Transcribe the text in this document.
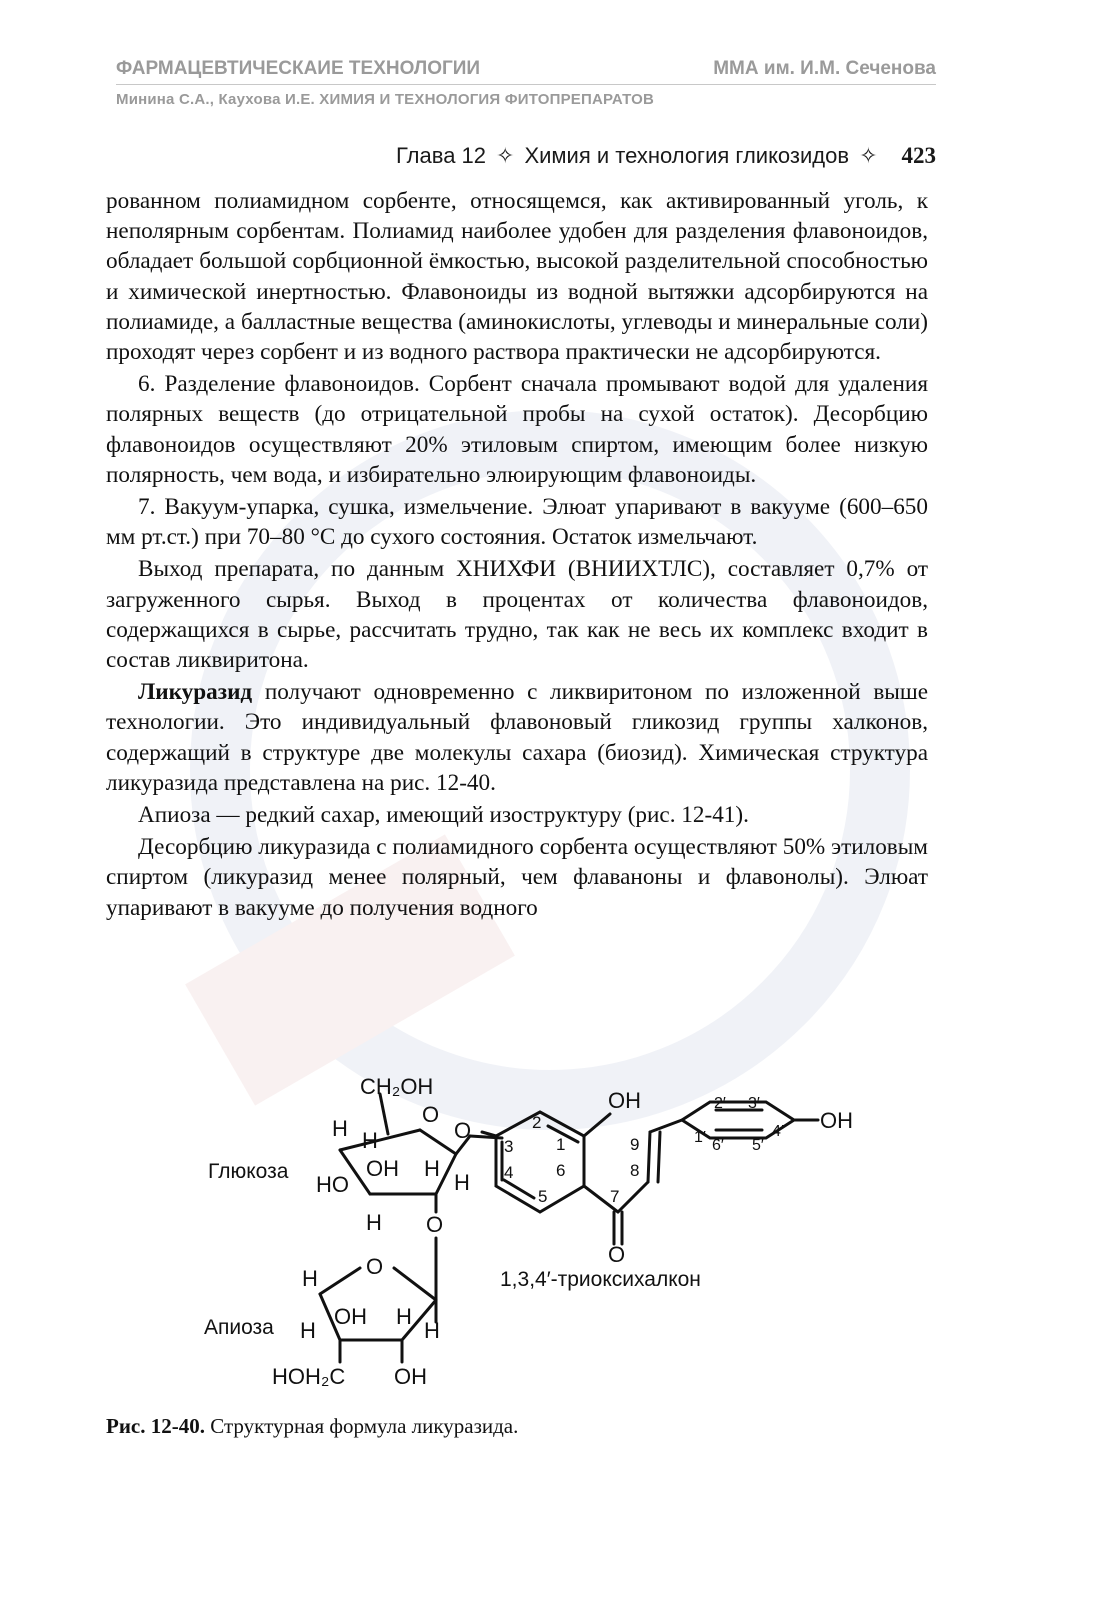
ФАРМАЦЕВТИЧЕСКАИЕ ТЕХНОЛОГИИ	ММА им. И.М. Сеченова
Минина С.А., Каухова И.Е. ХИМИЯ И ТЕХНОЛОГИЯ ФИТОПРЕПАРАТОВ
Глава 12 ✧ Химия и технология гликозидов ✧ 423

рованном полиамидном сорбенте, относящемся, как активированный уголь, к неполярным сорбентам. Полиамид наиболее удобен для разделения флавоноидов, обладает большой сорбционной ёмкостью, высокой разделительной способностью и химической инертностью. Флавоноиды из водной вытяжки адсорбируются на полиамиде, а балластные вещества (аминокислоты, углеводы и минеральные соли) проходят через сорбент и из водного раствора практически не адсорбируются.

6. Разделение флавоноидов. Сорбент сначала промывают водой для удаления полярных веществ (до отрицательной пробы на сухой остаток). Десорбцию флавоноидов осуществляют 20% этиловым спиртом, имеющим более низкую полярность, чем вода, и избирательно элюирующим флавоноиды.

7. Вакуум-упарка, сушка, измельчение. Элюат упаривают в вакууме (600–650 мм рт.ст.) при 70–80 °С до сухого состояния. Остаток измельчают.

Выход препарата, по данным ХНИХФИ (ВНИИХТЛС), составляет 0,7% от загруженного сырья. Выход в процентах от количества флавоноидов, содержащихся в сырье, рассчитать трудно, так как не весь их комплекс входит в состав ликвиритона.

Ликуразид получают одновременно с ликвиритоном по изложенной выше технологии. Это индивидуальный флавоновый гликозид группы халконов, содержащий в структуре две молекулы сахара (биозид). Химическая структура ликуразида представлена на рис. 12-40.

Апиоза — редкий сахар, имеющий изоструктуру (рис. 12-41).

Десорбцию ликуразида с полиамидного сорбента осуществляют 50% этиловым спиртом (ликуразид менее полярный, чем флаваноны и флавонолы). Элюат упаривают в вакууме до получения водного

CH₂OH
O
O
H H
OH H
H
HO
H O
Глюкоза
O
H
OH H
H	H
HOH₂C OH
Апиоза
OH
2
1
3
4	6
5	7
8
9
O
1,3,4′-триоксихалкон
2′ 3′
1′ 6′ 5′
4′ OH
Рис. 12-40. Структурная формула ликуразида.
